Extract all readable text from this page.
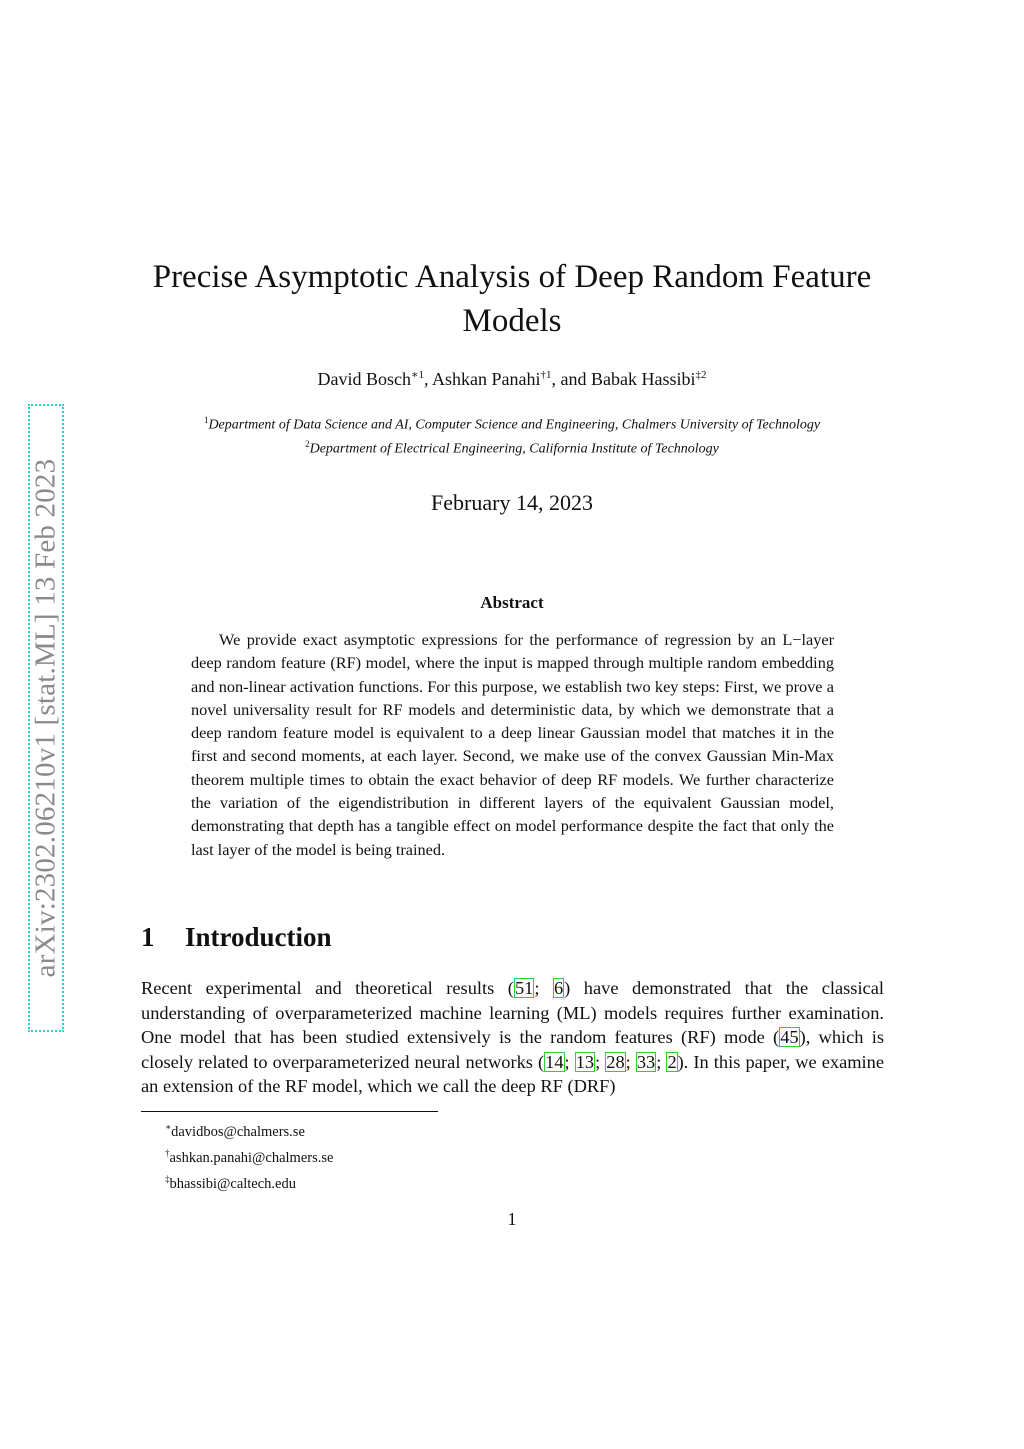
arXiv:2302.06210v1 [stat.ML] 13 Feb 2023
Precise Asymptotic Analysis of Deep Random Feature Models
David Bosch$^{∗1}$, Ashkan Panahi$^{\dagger 1}$, and Babak Hassibi$^{\ddagger 2}$
$^1$Department of Data Science and AI, Computer Science and Engineering, Chalmers University of Technology
$^2$Department of Electrical Engineering, California Institute of Technology
February 14, 2023
Abstract

We provide exact asymptotic expressions for the performance of regression by an L−layer deep random feature (RF) model, where the input is mapped through multiple random embedding and non-linear activation functions. For this purpose, we establish two key steps: First, we prove a novel universality result for RF models and deterministic data, by which we demonstrate that a deep random feature model is equivalent to a deep linear Gaussian model that matches it in the first and second moments, at each layer. Second, we make use of the convex Gaussian Min-Max theorem multiple times to obtain the exact behavior of deep RF models. We further characterize the variation of the eigendistribution in different layers of the equivalent Gaussian model, demonstrating that depth has a tangible effect on model performance despite the fact that only the last layer of the model is being trained.

1 Introduction

Recent experimental and theoretical results (51; 6) have demonstrated that the classical understanding of overparameterized machine learning (ML) models requires further examination. One model that has been studied extensively is the random features (RF) mode (45), which is closely related to overparameterized neural networks (14; 13; 28; 33; 2). In this paper, we examine an extension of the RF model, which we call the deep RF (DRF)

∗davidbos@chalmers.se
†ashkan.panahi@chalmers.se
‡bhassibi@caltech.edu
1
